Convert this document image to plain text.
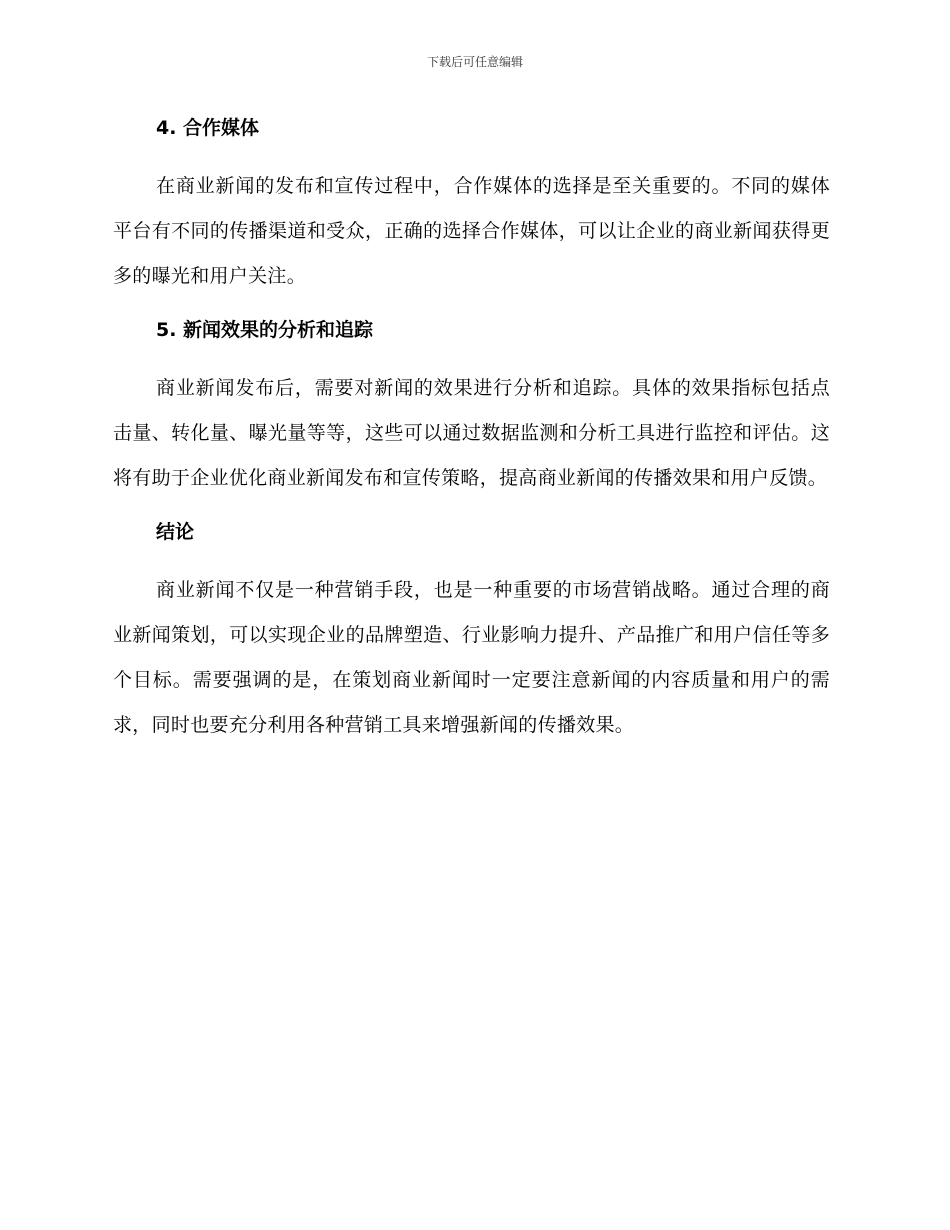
下载后可任意编辑
4. 合作媒体

在商业新闻的发布和宣传过程中，合作媒体的选择是至关重要的。不同的媒体平台有不同的传播渠道和受众，正确的选择合作媒体，可以让企业的商业新闻获得更多的曝光和用户关注。

5. 新闻效果的分析和追踪

商业新闻发布后，需要对新闻的效果进行分析和追踪。具体的效果指标包括点击量、转化量、曝光量等等，这些可以通过数据监测和分析工具进行监控和评估。这将有助于企业优化商业新闻发布和宣传策略，提高商业新闻的传播效果和用户反馈。

结论

商业新闻不仅是一种营销手段，也是一种重要的市场营销战略。通过合理的商业新闻策划，可以实现企业的品牌塑造、行业影响力提升、产品推广和用户信任等多个目标。需要强调的是，在策划商业新闻时一定要注意新闻的内容质量和用户的需求，同时也要充分利用各种营销工具来增强新闻的传播效果。
